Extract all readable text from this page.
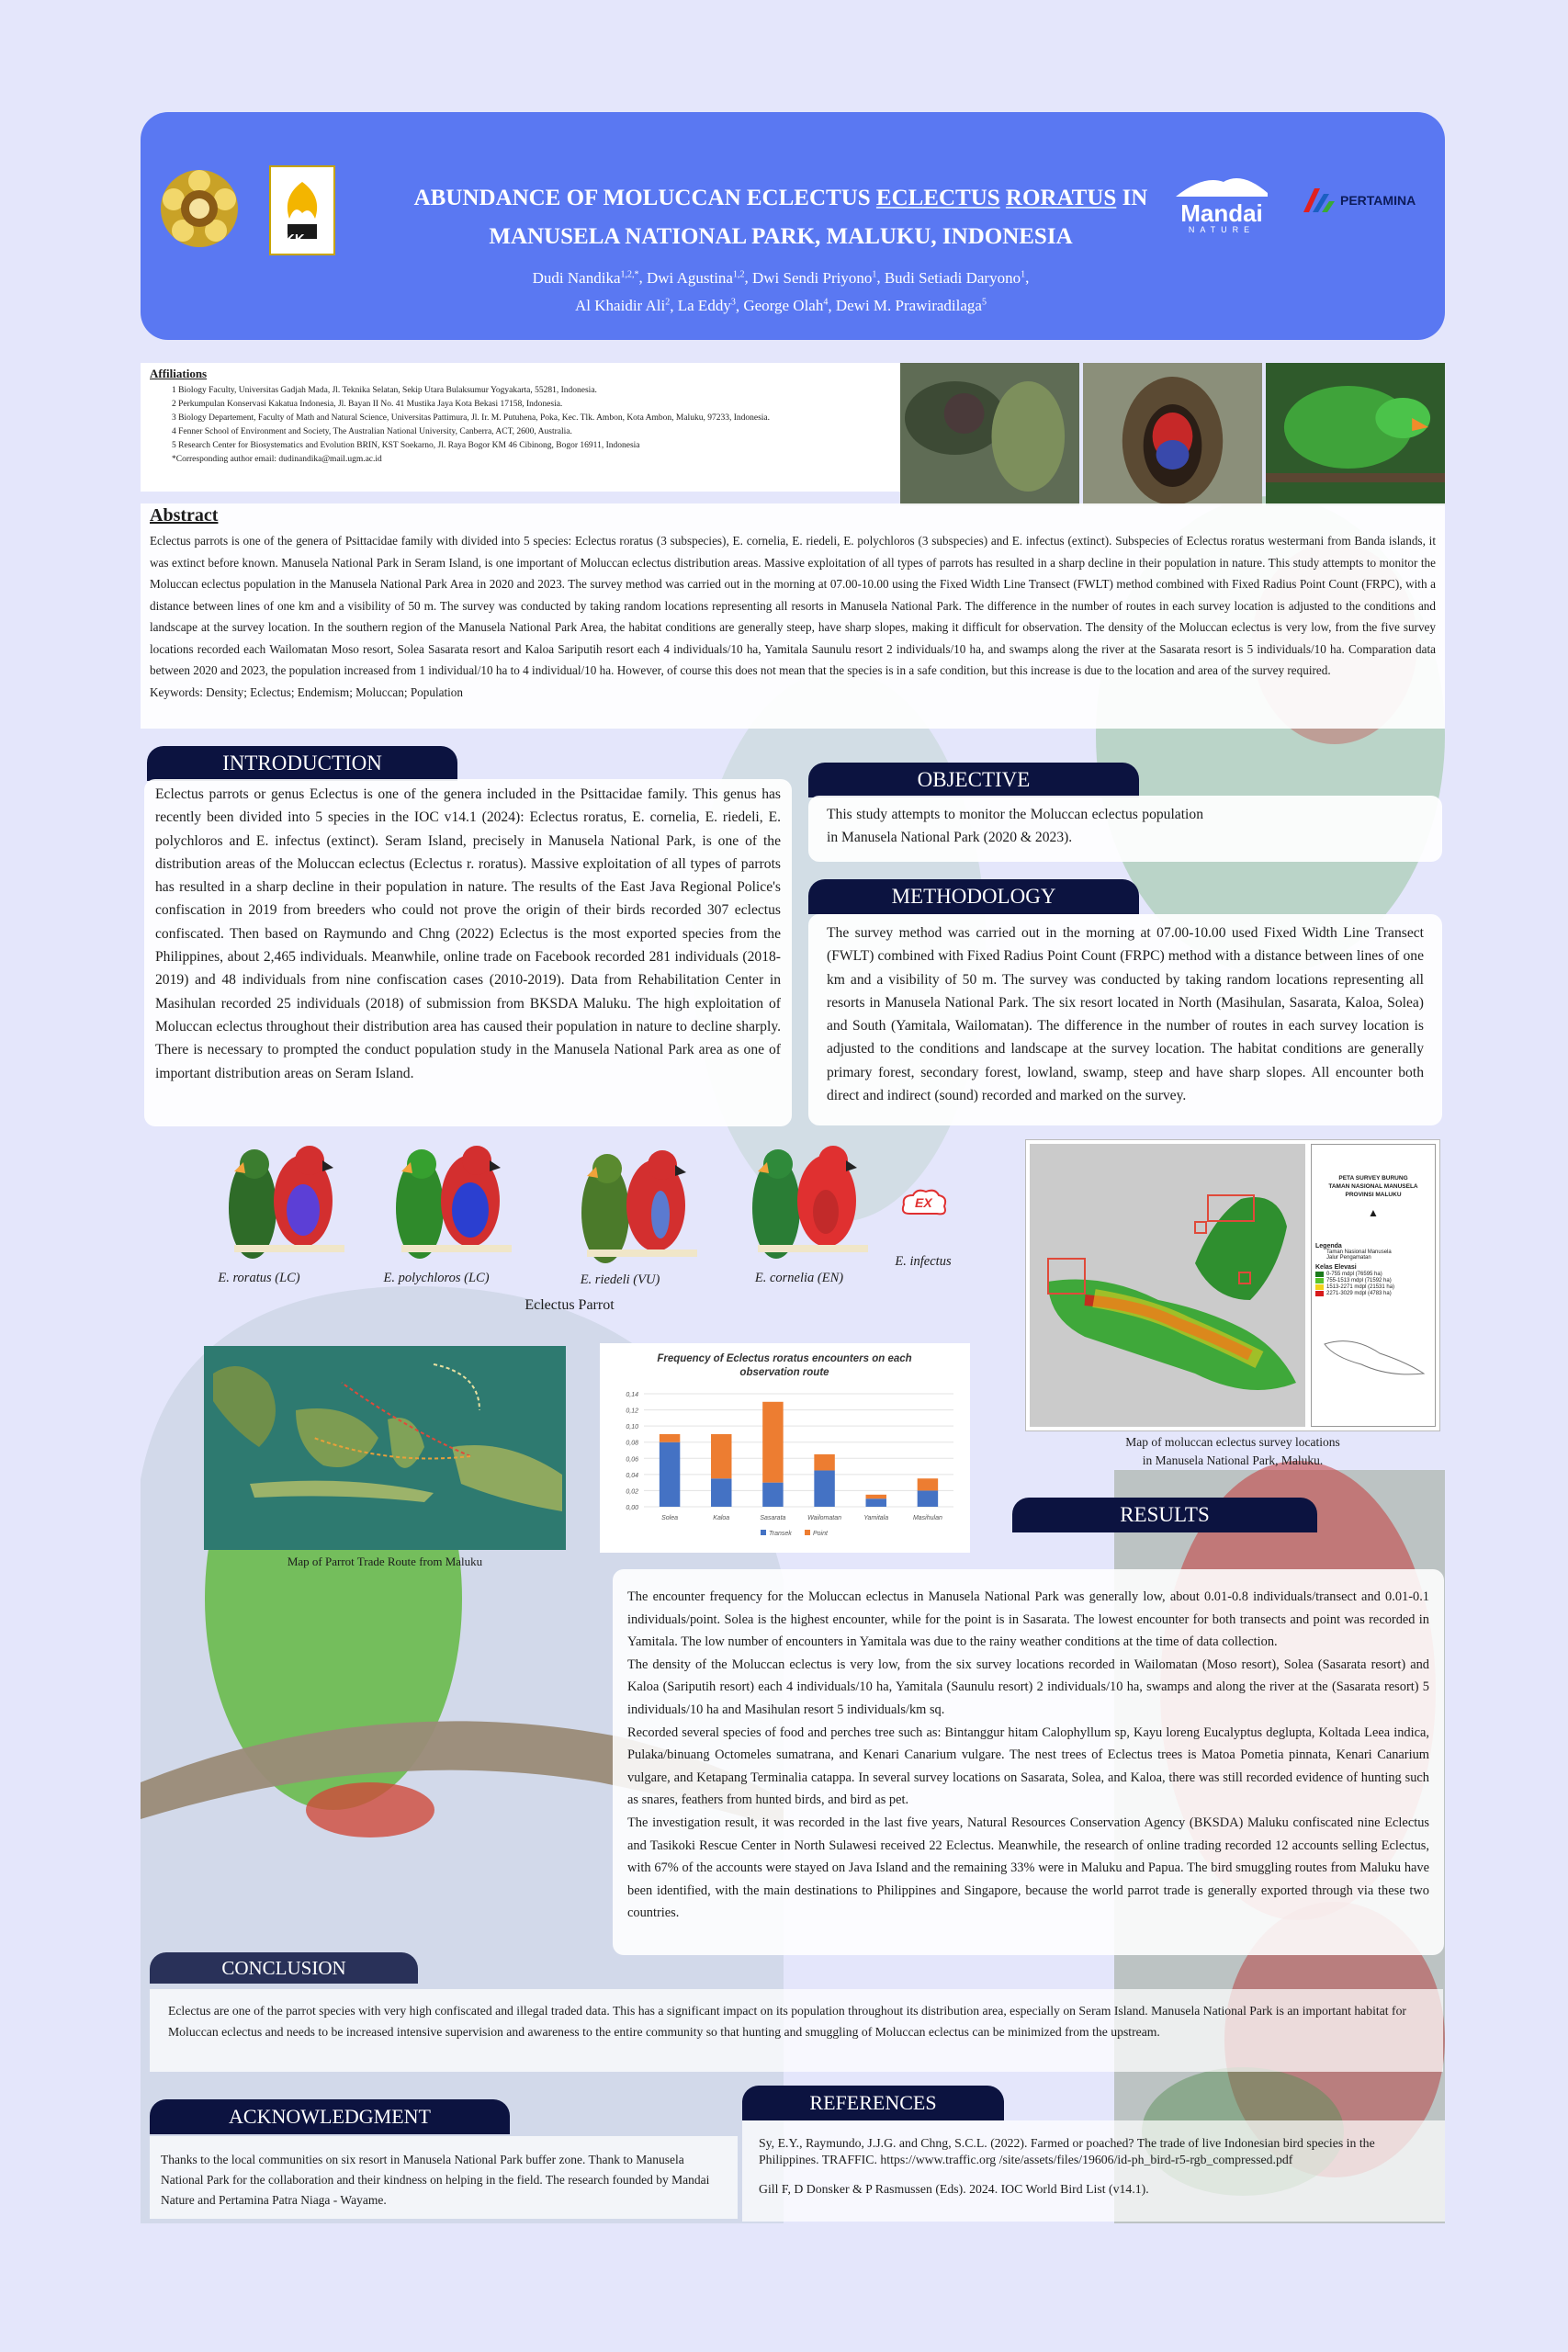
KK
ABUNDANCE OF MOLUCCAN ECLECTUS ECLECTUS RORATUS IN
MANUSELA NATIONAL PARK, MALUKU, INDONESIA
Dudi Nandika$^{1,2,*}$, Dwi Agustina$^{1,2}$, Dwi Sendi Priyono$^1$, Budi Setiadi Daryono$^1$,
Al Khaidir Ali$^2$, La Eddy$^3$, George Olah$^4$, Dewi M. Prawiradilaga$^5$
Mandai
NATURE
PERTAMINA
Affiliations

1 Biology Faculty, Universitas Gadjah Mada, Jl. Teknika Selatan, Sekip Utara Bulaksumur Yogyakarta, 55281, Indonesia.

2 Perkumpulan Konservasi Kakatua Indonesia, Jl. Bayan II No. 41 Mustika Jaya Kota Bekasi 17158, Indonesia.

3 Biology Departement, Faculty of Math and Natural Science, Universitas Pattimura, Jl. Ir. M. Putuhena, Poka, Kec. Tlk. Ambon, Kota Ambon, Maluku, 97233, Indonesia.

4 Fenner School of Environment and Society, The Australian National University, Canberra, ACT, 2600, Australia.

5 Research Center for Biosystematics and Evolution BRIN, KST Soekarno, Jl. Raya Bogor KM 46 Cibinong, Bogor 16911, Indonesia

*Corresponding author email: dudinandika@mail.ugm.ac.id

Abstract

Eclectus parrots is one of the genera of Psittacidae family with divided into 5 species: Eclectus roratus (3 subspecies), E. cornelia, E. riedeli, E. polychloros (3 subspecies) and E. infectus (extinct). Subspecies of Eclectus roratus westermani from Banda islands, it was extinct before known. Manusela National Park in Seram Island, is one important of Moluccan eclectus distribution areas. Massive exploitation of all types of parrots has resulted in a sharp decline in their population in nature. This study attempts to monitor the Moluccan eclectus population in the Manusela National Park Area in 2020 and 2023. The survey method was carried out in the morning at 07.00-10.00 using the Fixed Width Line Transect (FWLT) method combined with Fixed Radius Point Count (FRPC), with a distance between lines of one km and a visibility of 50 m. The survey was conducted by taking random locations representing all resorts in Manusela National Park. The difference in the number of routes in each survey location is adjusted to the conditions and landscape at the survey location. In the southern region of the Manusela National Park Area, the habitat conditions are generally steep, have sharp slopes, making it difficult for observation. The density of the Moluccan eclectus is very low, from the five survey locations recorded each Wailomatan Moso resort, Solea Sasarata resort and Kaloa Sariputih resort each 4 individuals/10 ha, Yamitala Saunulu resort 2 individuals/10 ha, and swamps along the river at the Sasarata resort is 5 individuals/10 ha. Comparation data between 2020 and 2023, the population increased from 1 individual/10 ha to 4 individual/10 ha. However, of course this does not mean that the species is in a safe condition, but this increase is due to the location and area of the survey required.

Keywords: Density; Eclectus; Endemism; Moluccan; Population

INTRODUCTION

Eclectus parrots or genus Eclectus is one of the genera included in the Psittacidae family. This genus has recently been divided into 5 species in the IOC v14.1 (2024): Eclectus roratus, E. cornelia, E. riedeli, E. polychloros and E. infectus (extinct). Seram Island, precisely in Manusela National Park, is one of the distribution areas of the Moluccan eclectus (Eclectus r. roratus). Massive exploitation of all types of parrots has resulted in a sharp decline in their population in nature. The results of the East Java Regional Police's confiscation in 2019 from breeders who could not prove the origin of their birds recorded 307 eclectus confiscated. Then based on Raymundo and Chng (2022) Eclectus is the most exported species from the Philippines, about 2,465 individuals. Meanwhile, online trade on Facebook recorded 281 individuals (2018-2019) and 48 individuals from nine confiscation cases (2010-2019). Data from Rehabilitation Center in Masihulan recorded 25 individuals (2018) of submission from BKSDA Maluku. The high exploitation of Moluccan eclectus throughout their distribution area has caused their population in nature to decline sharply. There is necessary to prompted the conduct population study in the Manusela National Park area as one of important distribution areas on Seram Island.

OBJECTIVE

This study attempts to monitor the Moluccan eclectus population in Manusela National Park (2020 & 2023).

METHODOLOGY

The survey method was carried out in the morning at 07.00-10.00 used Fixed Width Line Transect (FWLT) combined with Fixed Radius Point Count (FRPC) method with a distance between lines of one km and a visibility of 50 m. The survey was conducted by taking random locations representing all resorts in Manusela National Park. The six resort located in North (Masihulan, Sasarata, Kaloa, Solea) and South (Yamitala, Wailomatan). The difference in the number of routes in each survey location is adjusted to the conditions and landscape at the survey location. The habitat conditions are generally primary forest, secondary forest, lowland, swamp, steep and have sharp slopes. All encounter both direct and indirect (sound) recorded and marked on the survey.

EX
E. roratus (LC)	E. polychloros (LC)	E. riedeli (VU)	E. cornelia (EN)
E. infectus
Eclectus Parrot
Map of Parrot Trade Route from Maluku
Frequency of Eclectus roratus encounters on each
observation route
Solea	Kaloa	Sasarata	Wailomatan	Yamitala	Masihulan
0,00
0,02
0,04
0,06
0,08
0,10
0,12
0,14
Transek	Point
PETA SURVEY BURUNG
TAMAN NASIONAL MANUSELA
PROVINSI MALUKU
▲
Legenda
Taman Nasional Manusela
Jalur Pengamatan
Kelas Elevasi
0-755 mdpl (76595 ha)
755-1513 mdpl (71592 ha)
1513-2271 mdpl (21531 ha)
2271-3029 mdpl (4783 ha)
Map of moluccan eclectus survey locations
in Manusela National Park, Maluku.
RESULTS

The encounter frequency for the Moluccan eclectus in Manusela National Park was generally low, about 0.01-0.8 individuals/transect and 0.01-0.1 individuals/point. Solea is the highest encounter, while for the point is in Sasarata. The lowest encounter for both transects and point was recorded in Yamitala. The low number of encounters in Yamitala was due to the rainy weather conditions at the time of data collection.

The density of the Moluccan eclectus is very low, from the six survey locations recorded in Wailomatan (Moso resort), Solea (Sasarata resort) and Kaloa (Sariputih resort) each 4 individuals/10 ha, Yamitala (Saunulu resort) 2 individuals/10 ha, swamps and along the river at the (Sasarata resort) 5 individuals/10 ha and Masihulan resort 5 individuals/km sq.

Recorded several species of food and perches tree such as: Bintanggur hitam Calophyllum sp, Kayu loreng Eucalyptus deglupta, Koltada Leea indica, Pulaka/binuang Octomeles sumatrana, and Kenari Canarium vulgare. The nest trees of Eclectus trees is Matoa Pometia pinnata, Kenari Canarium vulgare, and Ketapang Terminalia catappa. In several survey locations on Sasarata, Solea, and Kaloa, there was still recorded evidence of hunting such as snares, feathers from hunted birds, and bird as pet.

The investigation result, it was recorded in the last five years, Natural Resources Conservation Agency (BKSDA) Maluku confiscated nine Eclectus and Tasikoki Rescue Center in North Sulawesi received 22 Eclectus. Meanwhile, the research of online trading recorded 12 accounts selling Eclectus, with 67% of the accounts were stayed on Java Island and the remaining 33% were in Maluku and Papua. The bird smuggling routes from Maluku have been identified, with the main destinations to Philippines and Singapore, because the world parrot trade is generally exported through via these two countries.

CONCLUSION

Eclectus are one of the parrot species with very high confiscated and illegal traded data. This has a significant impact on its population throughout its distribution area, especially on Seram Island. Manusela National Park is an important habitat for Moluccan eclectus and needs to be increased intensive supervision and awareness to the entire community so that hunting and smuggling of Moluccan eclectus can be minimized from the upstream.

ACKNOWLEDGMENT

Thanks to the local communities on six resort in Manusela National Park buffer zone. Thank to Manusela National Park for the collaboration and their kindness on helping in the field. The research founded by Mandai Nature and Pertamina Patra Niaga - Wayame.

REFERENCES

Sy, E.Y., Raymundo, J.J.G. and Chng, S.C.L. (2022). Farmed or poached? The trade of live Indonesian bird species in the Philippines. TRAFFIC. https://www.traffic.org /site/assets/files/19606/id-ph_bird-r5-rgb_compressed.pdf

Gill F, D Donsker & P Rasmussen (Eds). 2024. IOC World Bird List (v14.1).
